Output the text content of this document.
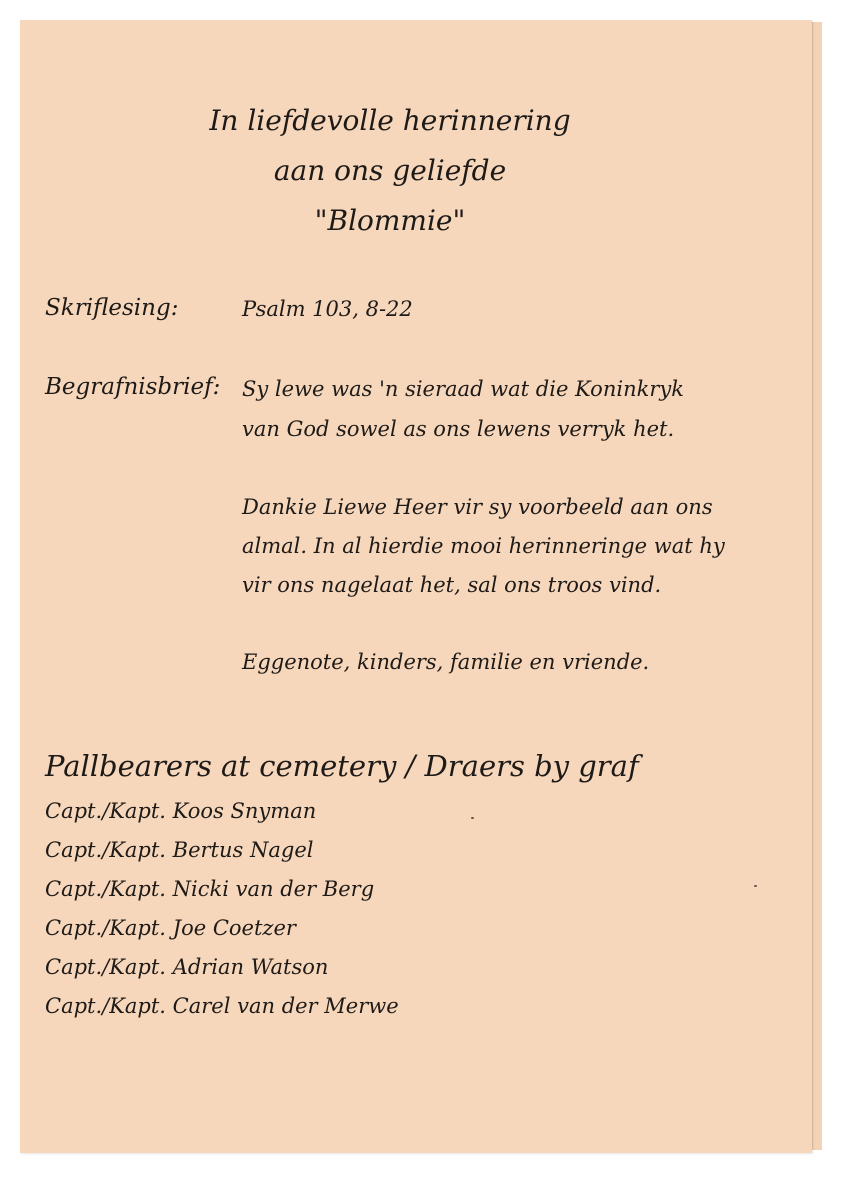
In liefdevolle herinnering
aan ons geliefde
"Blommie"
Skriflesing:	Psalm 103, 8-22
Begrafnisbrief: Sy lewe was 'n sieraad wat die Koninkryk
van God sowel as ons lewens verryk het.
Dankie Liewe Heer vir sy voorbeeld aan ons
almal. In al hierdie mooi herinneringe wat hy
vir ons nagelaat het, sal ons troos vind.
Eggenote, kinders, familie en vriende.
Pallbearers at cemetery / Draers by graf
Capt./Kapt. Koos Snyman
Capt./Kapt. Bertus Nagel
Capt./Kapt. Nicki van der Berg
Capt./Kapt. Joe Coetzer
Capt./Kapt. Adrian Watson
Capt./Kapt. Carel van der Merwe
